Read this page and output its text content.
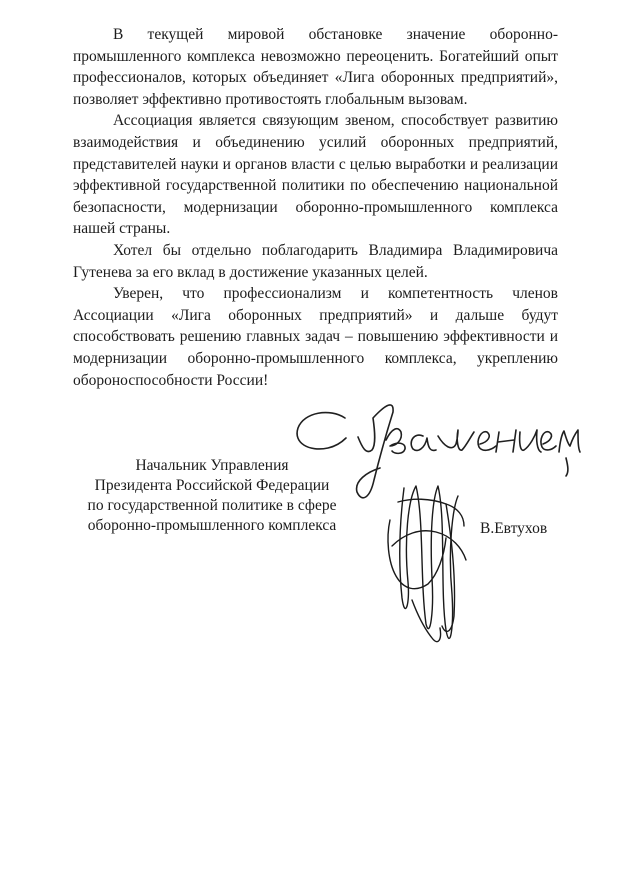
В текущей мировой обстановке значение оборонно-промышленного комплекса невозможно переоценить. Богатейший опыт профессионалов, которых объединяет «Лига оборонных предприятий», позволяет эффективно противостоять глобальным вызовам.

Ассоциация является связующим звеном, способствует развитию взаимодействия и объединению усилий оборонных предприятий, представителей науки и органов власти с целью выработки и реализации эффективной государственной политики по обеспечению национальной безопасности, модернизации оборонно-промышленного комплекса нашей страны.

Хотел бы отдельно поблагодарить Владимира Владимировича Гутенева за его вклад в достижение указанных целей.

Уверен, что профессионализм и компетентность членов Ассоциации «Лига оборонных предприятий» и дальше будут способствовать решению главных задач – повышению эффективности и модернизации оборонно-промышленного комплекса, укреплению обороноспособности России!

Начальник Управления
Президента Российской Федерации
по государственной политике в сфере
оборонно-промышленного комплекса	В.Евтухов
